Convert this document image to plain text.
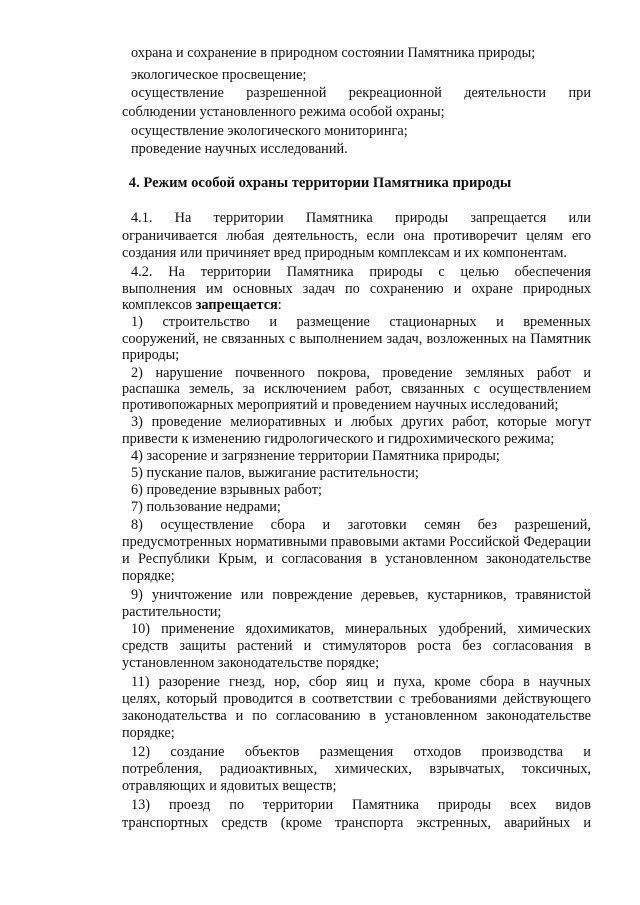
охрана и сохранение в природном состоянии Памятника природы;

экологическое просвещение;

осуществление разрешенной рекреационной деятельности при

соблюдении установленного режима особой охраны;

осуществление экологического мониторинга;

проведение научных исследований.

4. Режим особой охраны территории Памятника природы
4.1. На территории Памятника природы запрещается или

ограничивается любая деятельность, если она противоречит целям его

создания или причиняет вред природным комплексам и их компонентам.

4.2. На территории Памятника природы с целью обеспечения

выполнения им основных задач по сохранению и охране природных

комплексов запрещается:

1) строительство и размещение стационарных и временных

сооружений, не связанных с выполнением задач, возложенных на Памятник

природы;

2) нарушение почвенного покрова, проведение земляных работ и

распашка земель, за исключением работ, связанных с осуществлением

противопожарных мероприятий и проведением научных исследований;

3) проведение мелиоративных и любых других работ, которые могут

привести к изменению гидрологического и гидрохимического режима;

4) засорение и загрязнение территории Памятника природы;

5) пускание палов, выжигание растительности;

6) проведение взрывных работ;

7) пользование недрами;

8) осуществление сбора и заготовки семян без разрешений,

предусмотренных нормативными правовыми актами Российской Федерации

и Республики Крым, и согласования в установленном законодательстве

порядке;

9) уничтожение или повреждение деревьев, кустарников, травянистой

растительности;

10) применение ядохимикатов, минеральных удобрений, химических

средств защиты растений и стимуляторов роста без согласования в

установленном законодательстве порядке;

11) разорение гнезд, нор, сбор яиц и пуха, кроме сбора в научных

целях, который проводится в соответствии с требованиями действующего

законодательства и по согласованию в установленном законодательстве

порядке;

12) создание объектов размещения отходов производства и

потребления, радиоактивных, химических, взрывчатых, токсичных,

отравляющих и ядовитых веществ;

13) проезд по территории Памятника природы всех видов

транспортных средств (кроме транспорта экстренных, аварийных и
